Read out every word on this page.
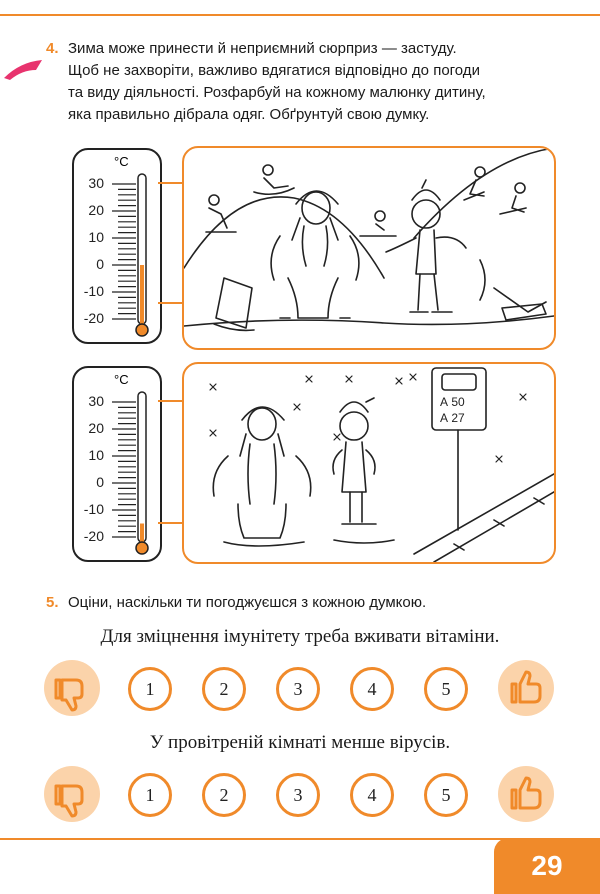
4. Зима може принести й неприємний сюрприз — застуду.
Щоб не захворіти, важливо вдягатися відповідно до погоди
та виду діяльності. Розфарбуй на кожному малюнку дитину,
яка правильно дібрала одяг. Обґрунтуй свою думку.
°C
30
20
10
0
-10
-20
°C
30
20
10
0
-10
-20
А 50
А 27
5. Оціни, наскільки ти погоджуєшся з кожною думкою.
Для зміцнення імунітету треба вживати вітаміни.
1	2	3	4	5
У провітреній кімнаті менше вірусів.
1	2	3	4	5
29
